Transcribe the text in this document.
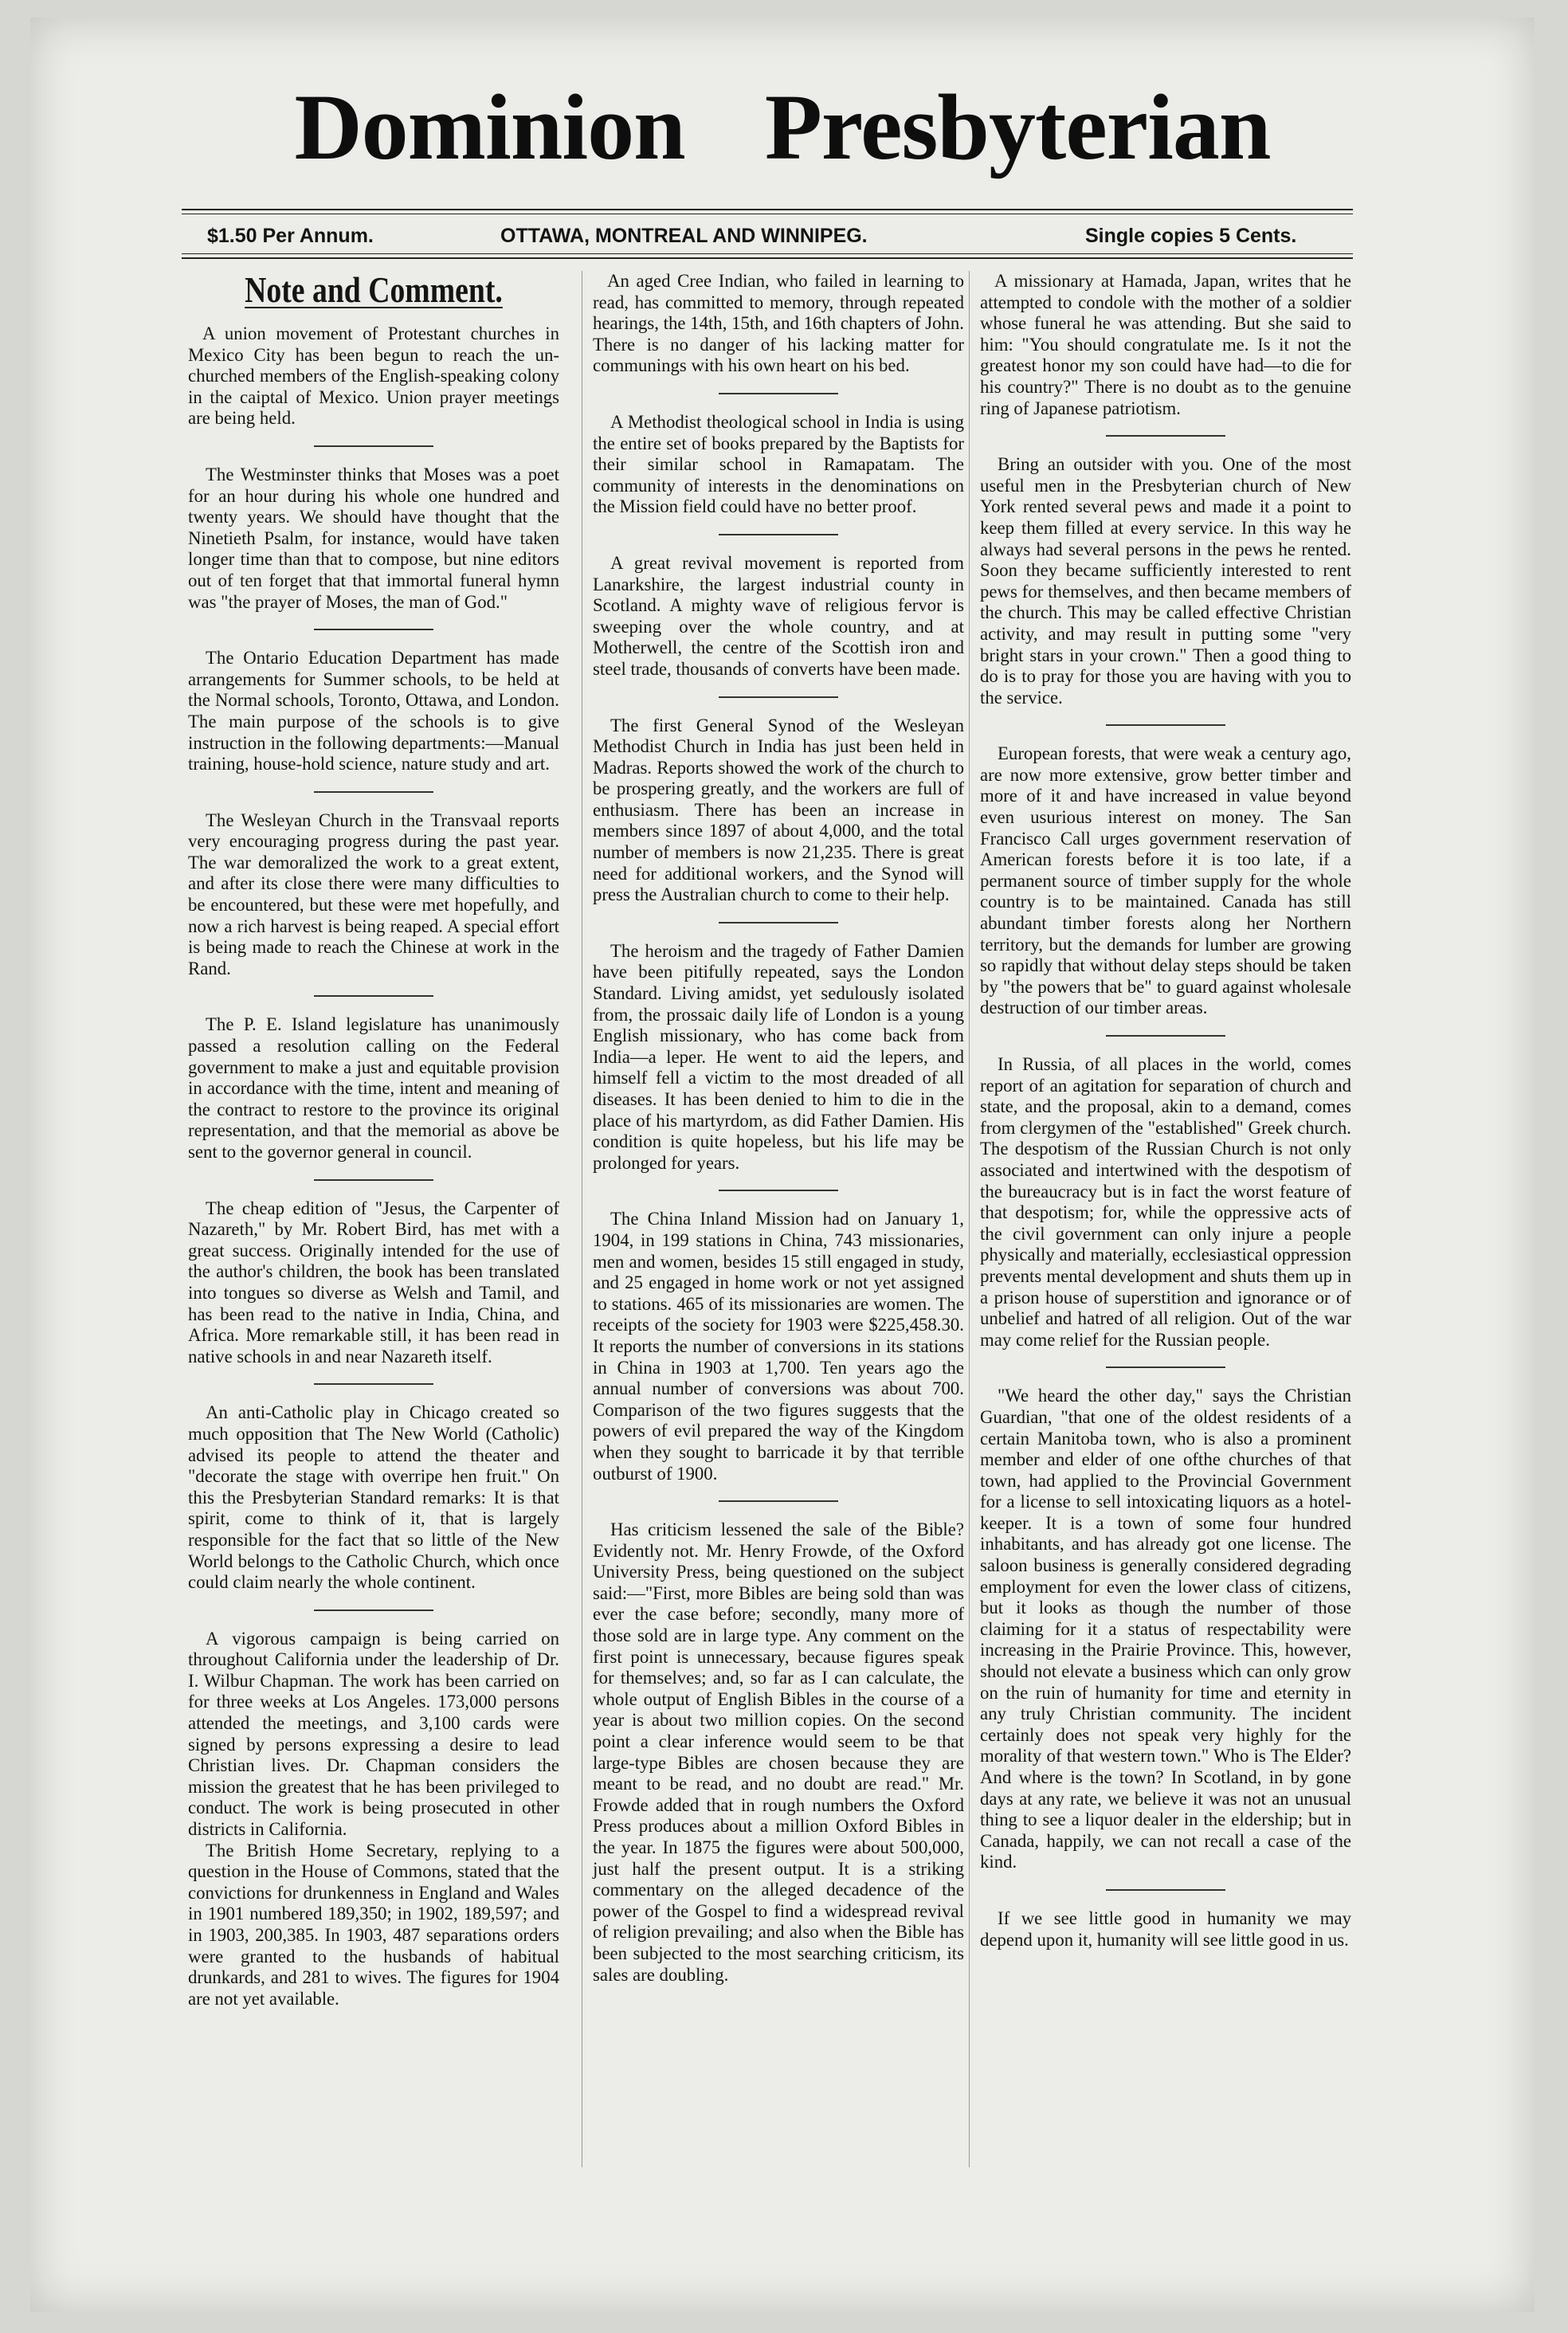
Dominion Presbyterian
$1.50 Per Annum.	OTTAWA, MONTREAL AND WINNIPEG.	Single copies 5 Cents.
Note and Comment.

A union movement of Protestant churches in Mexico City has been begun to reach the un-churched members of the English-speaking colony in the caiptal of Mexico. Union prayer meetings are being held.

The Westminster thinks that Moses was a poet for an hour during his whole one hundred and twenty years. We should have thought that the Ninetieth Psalm, for instance, would have taken longer time than that to compose, but nine editors out of ten forget that that immortal funeral hymn was "the prayer of Moses, the man of God."

The Ontario Education Department has made arrangements for Summer schools, to be held at the Normal schools, Toronto, Ottawa, and London. The main purpose of the schools is to give instruction in the following departments:—Manual training, house-hold science, nature study and art.

The Wesleyan Church in the Transvaal reports very encouraging progress during the past year. The war demoralized the work to a great extent, and after its close there were many difficulties to be encountered, but these were met hopefully, and now a rich harvest is being reaped. A special effort is being made to reach the Chinese at work in the Rand.

The P. E. Island legislature has unanimously passed a resolution calling on the Federal government to make a just and equitable provision in accordance with the time, intent and meaning of the contract to restore to the province its original representation, and that the memorial as above be sent to the governor general in council.

The cheap edition of "Jesus, the Carpenter of Nazareth," by Mr. Robert Bird, has met with a great success. Originally intended for the use of the author's children, the book has been translated into tongues so diverse as Welsh and Tamil, and has been read to the native in India, China, and Africa. More remarkable still, it has been read in native schools in and near Nazareth itself.

An anti-Catholic play in Chicago created so much opposition that The New World (Catholic) advised its people to attend the theater and "decorate the stage with overripe hen fruit." On this the Presbyterian Standard remarks: It is that spirit, come to think of it, that is largely responsible for the fact that so little of the New World belongs to the Catholic Church, which once could claim nearly the whole continent.

A vigorous campaign is being carried on throughout California under the leadership of Dr. I. Wilbur Chapman. The work has been carried on for three weeks at Los Angeles. 173,000 persons attended the meetings, and 3,100 cards were signed by persons expressing a desire to lead Christian lives. Dr. Chapman considers the mission the greatest that he has been privileged to conduct. The work is being prosecuted in other districts in California.

The British Home Secretary, replying to a question in the House of Commons, stated that the convictions for drunkenness in England and Wales in 1901 numbered 189,350; in 1902, 189,597; and in 1903, 200,385. In 1903, 487 separations orders were granted to the husbands of habitual drunkards, and 281 to wives. The figures for 1904 are not yet available.

An aged Cree Indian, who failed in learning to read, has committed to memory, through repeated hearings, the 14th, 15th, and 16th chapters of John. There is no danger of his lacking matter for communings with his own heart on his bed.

A Methodist theological school in India is using the entire set of books prepared by the Baptists for their similar school in Ramapatam. The community of interests in the denominations on the Mission field could have no better proof.

A great revival movement is reported from Lanarkshire, the largest industrial county in Scotland. A mighty wave of religious fervor is sweeping over the whole country, and at Motherwell, the centre of the Scottish iron and steel trade, thousands of converts have been made.

The first General Synod of the Wesleyan Methodist Church in India has just been held in Madras. Reports showed the work of the church to be prospering greatly, and the workers are full of enthusiasm. There has been an increase in members since 1897 of about 4,000, and the total number of members is now 21,235. There is great need for additional workers, and the Synod will press the Australian church to come to their help.

The heroism and the tragedy of Father Damien have been pitifully repeated, says the London Standard. Living amidst, yet sedulously isolated from, the prossaic daily life of London is a young English missionary, who has come back from India—a leper. He went to aid the lepers, and himself fell a victim to the most dreaded of all diseases. It has been denied to him to die in the place of his martyrdom, as did Father Damien. His condition is quite hopeless, but his life may be prolonged for years.

The China Inland Mission had on January 1, 1904, in 199 stations in China, 743 missionaries, men and women, besides 15 still engaged in study, and 25 engaged in home work or not yet assigned to stations. 465 of its missionaries are women. The receipts of the society for 1903 were $225,458.30. It reports the number of conversions in its stations in China in 1903 at 1,700. Ten years ago the annual number of conversions was about 700. Comparison of the two figures suggests that the powers of evil prepared the way of the Kingdom when they sought to barricade it by that terrible outburst of 1900.

Has criticism lessened the sale of the Bible? Evidently not. Mr. Henry Frowde, of the Oxford University Press, being questioned on the subject said:—"First, more Bibles are being sold than was ever the case before; secondly, many more of those sold are in large type. Any comment on the first point is unnecessary, because figures speak for themselves; and, so far as I can calculate, the whole output of English Bibles in the course of a year is about two million copies. On the second point a clear inference would seem to be that large-type Bibles are chosen because they are meant to be read, and no doubt are read." Mr. Frowde added that in rough numbers the Oxford Press produces about a million Oxford Bibles in the year. In 1875 the figures were about 500,000, just half the present output. It is a striking commentary on the alleged decadence of the power of the Gospel to find a widespread revival of religion prevailing; and also when the Bible has been subjected to the most searching criticism, its sales are doubling.

A missionary at Hamada, Japan, writes that he attempted to condole with the mother of a soldier whose funeral he was attending. But she said to him: "You should congratulate me. Is it not the greatest honor my son could have had—to die for his country?" There is no doubt as to the genuine ring of Japanese patriotism.

Bring an outsider with you. One of the most useful men in the Presbyterian church of New York rented several pews and made it a point to keep them filled at every service. In this way he always had several persons in the pews he rented. Soon they became sufficiently interested to rent pews for themselves, and then became members of the church. This may be called effective Christian activity, and may result in putting some "very bright stars in your crown." Then a good thing to do is to pray for those you are having with you to the service.

European forests, that were weak a century ago, are now more extensive, grow better timber and more of it and have increased in value beyond even usurious interest on money. The San Francisco Call urges government reservation of American forests before it is too late, if a permanent source of timber supply for the whole country is to be maintained. Canada has still abundant timber forests along her Northern territory, but the demands for lumber are growing so rapidly that without delay steps should be taken by "the powers that be" to guard against wholesale destruction of our timber areas.

In Russia, of all places in the world, comes report of an agitation for separation of church and state, and the proposal, akin to a demand, comes from clergymen of the "established" Greek church. The despotism of the Russian Church is not only associated and intertwined with the despotism of the bureaucracy but is in fact the worst feature of that despotism; for, while the oppressive acts of the civil government can only injure a people physically and materially, ecclesiastical oppression prevents mental development and shuts them up in a prison house of superstition and ignorance or of unbelief and hatred of all religion. Out of the war may come relief for the Russian people.

"We heard the other day," says the Christian Guardian, "that one of the oldest residents of a certain Manitoba town, who is also a prominent member and elder of one ofthe churches of that town, had applied to the Provincial Government for a license to sell intoxicating liquors as a hotel-keeper. It is a town of some four hundred inhabitants, and has already got one license. The saloon business is generally considered degrading employment for even the lower class of citizens, but it looks as though the number of those claiming for it a status of respectability were increasing in the Prairie Province. This, however, should not elevate a business which can only grow on the ruin of humanity for time and eternity in any truly Christian community. The incident certainly does not speak very highly for the morality of that western town." Who is The Elder? And where is the town? In Scotland, in by gone days at any rate, we believe it was not an unusual thing to see a liquor dealer in the eldership; but in Canada, happily, we can not recall a case of the kind.

If we see little good in humanity we may depend upon it, humanity will see little good in us.
